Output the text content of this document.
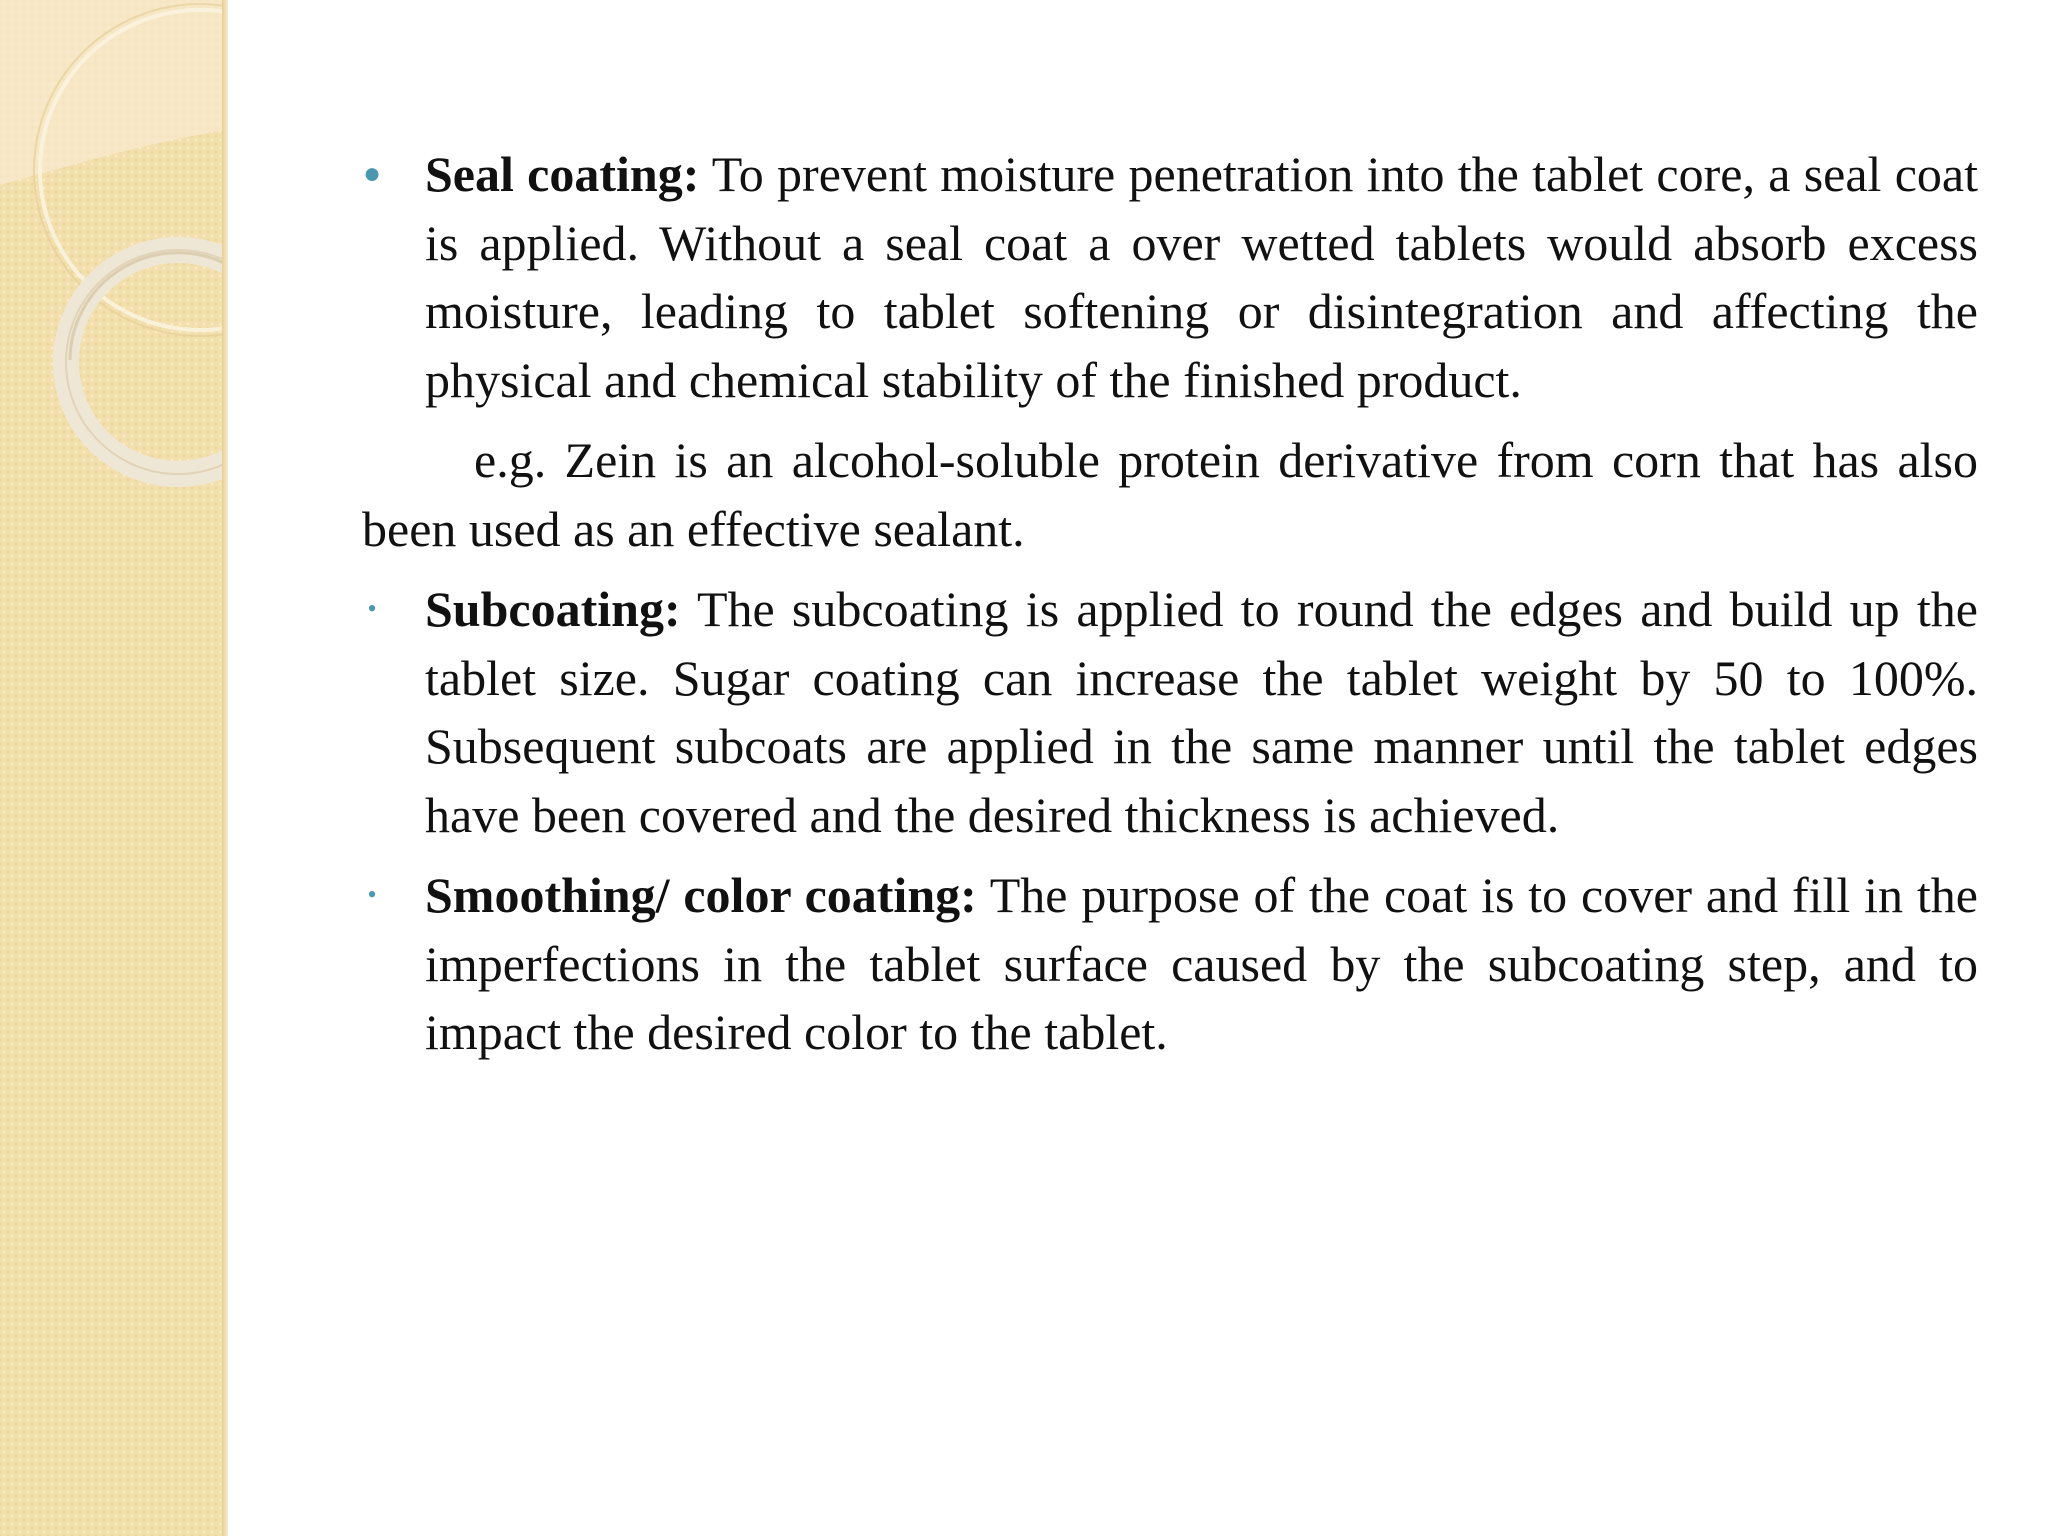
● Seal coating: To prevent moisture penetration into the tablet core, a seal coat is applied. Without a seal coat a over wetted tablets would absorb excess moisture, leading to tablet softening or disintegration and affecting the physical and chemical stability of the finished product.
e.g. Zein is an alcohol-soluble protein derivative from corn that has also been used as an effective sealant.
• Subcoating: The subcoating is applied to round the edges and build up the tablet size. Sugar coating can increase the tablet weight by 50 to 100%. Subsequent subcoats are applied in the same manner until the tablet edges have been covered and the desired thickness is achieved.
• Smoothing/ color coating: The purpose of the coat is to cover and fill in the imperfections in the tablet surface caused by the subcoating step, and to impact the desired color to the tablet.
